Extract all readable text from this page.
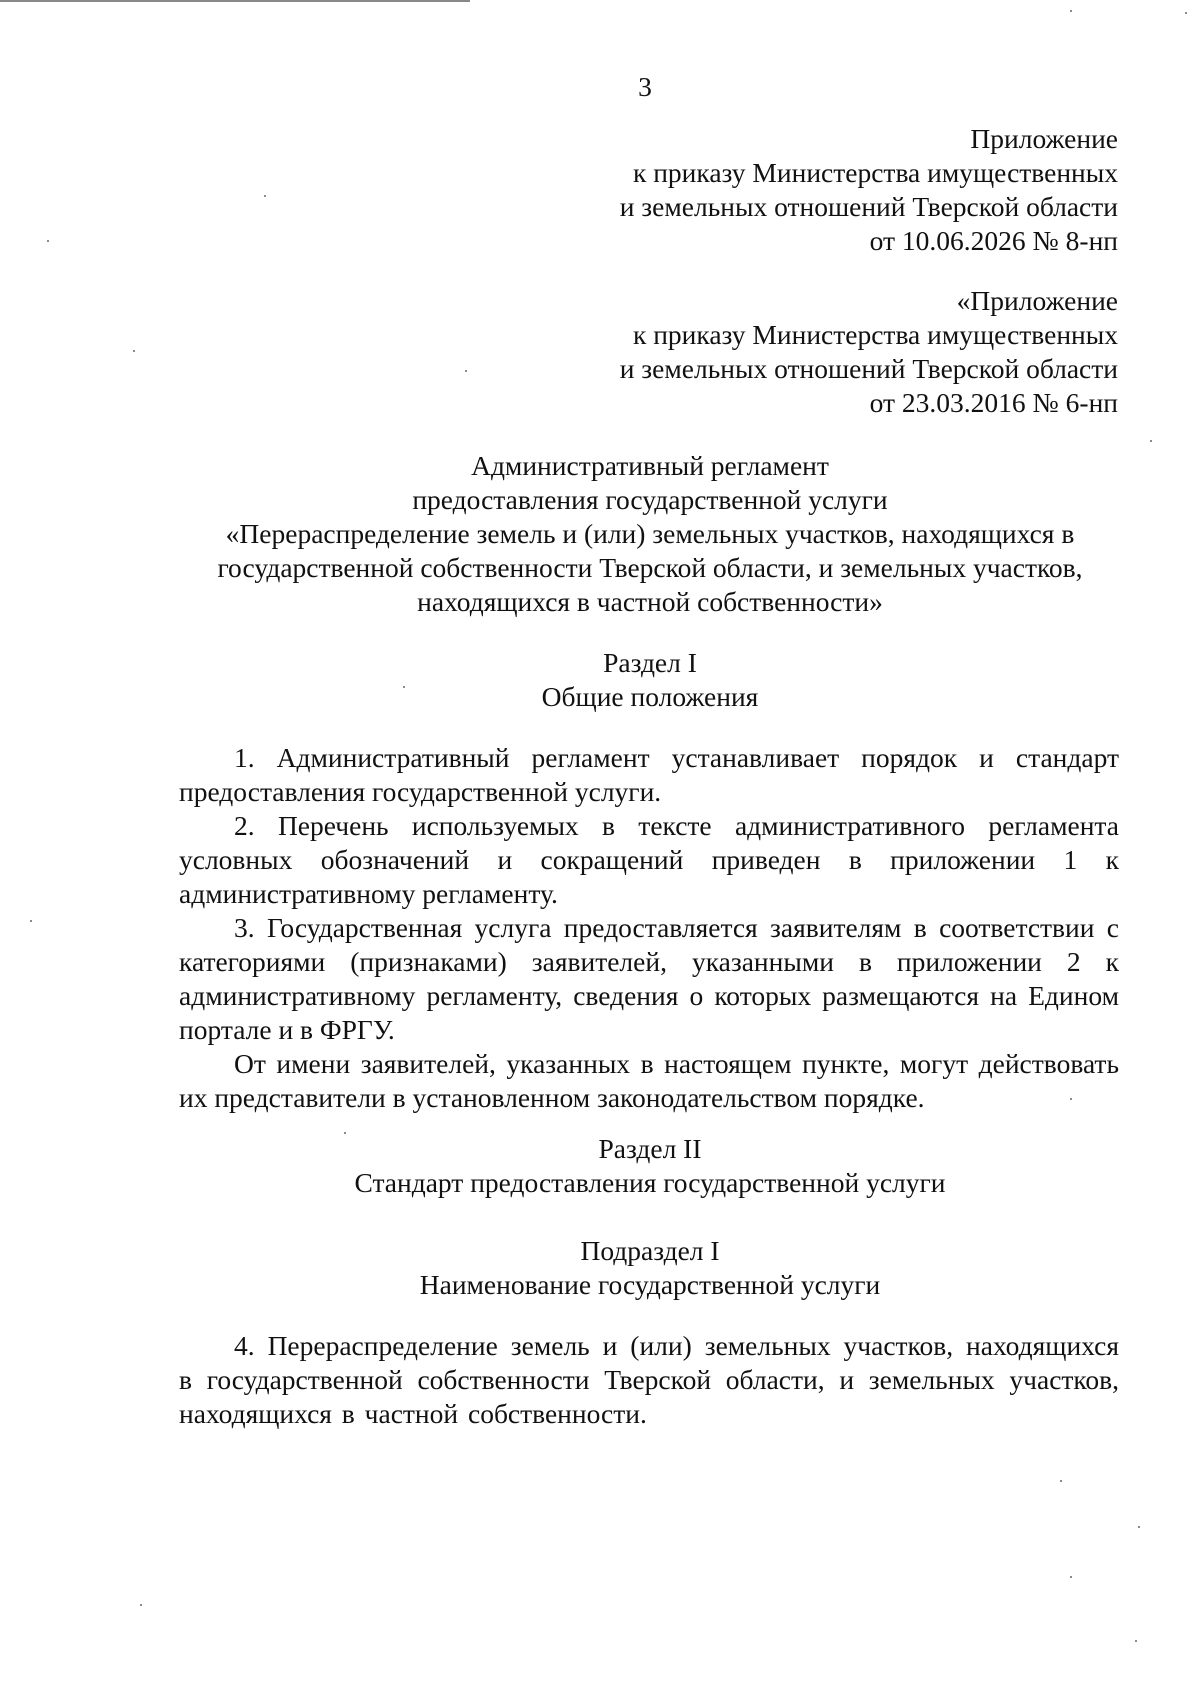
3
Приложение
к приказу Министерства имущественных
и земельных отношений Тверской области
от 10.06.2026 № 8-нп
«Приложение
к приказу Министерства имущественных
и земельных отношений Тверской области
от 23.03.2016 № 6-нп
Административный регламент
предоставления государственной услуги
«Перераспределение земель и (или) земельных участков, находящихся в
государственной собственности Тверской области, и земельных участков,
находящихся в частной собственности»
Раздел I
Общие положения
1. Административный регламент устанавливает порядок и стандарт предоставления государственной услуги.
2. Перечень используемых в тексте административного регламента условных обозначений и сокращений приведен в приложении 1 к административному регламенту.
3. Государственная услуга предоставляется заявителям в соответствии с категориями (признаками) заявителей, указанными в приложении 2 к административному регламенту, сведения о которых размещаются на Едином портале и в ФРГУ.
От имени заявителей, указанных в настоящем пункте, могут действовать их представители в установленном законодательством порядке.
Раздел II
Стандарт предоставления государственной услуги
Подраздел I
Наименование государственной услуги
4. Перераспределение земель и (или) земельных участков, находящихся в государственной собственности Тверской области, и земельных участков, находящихся в частной собственности.
